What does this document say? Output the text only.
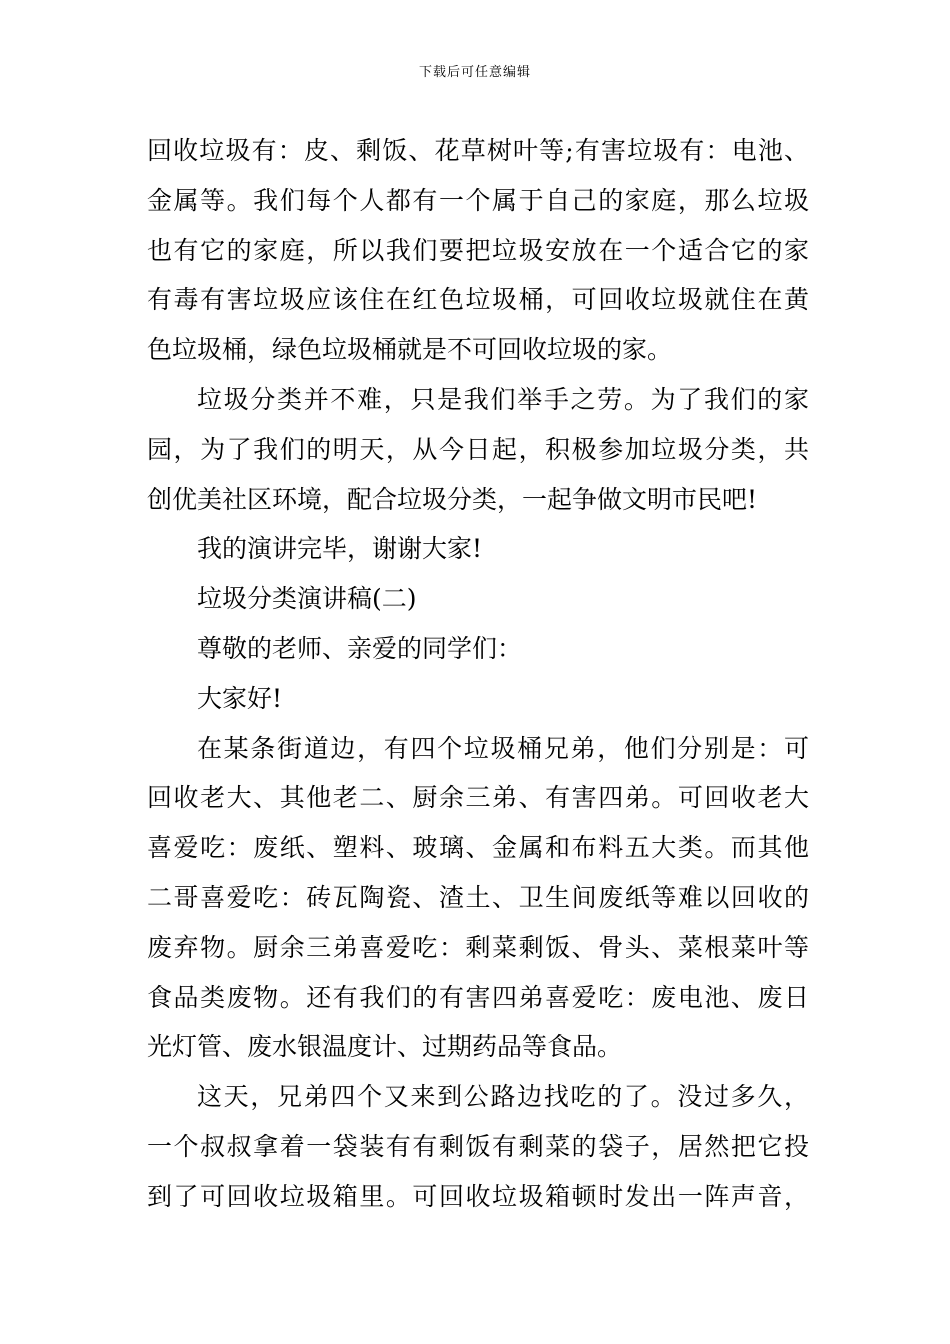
下载后可任意编辑
回收垃圾有：皮、剩饭、花草树叶等;有害垃圾有：电池、
金属等。我们每个人都有一个属于自己的家庭，那么垃圾
也有它的家庭，所以我们要把垃圾安放在一个适合它的家
有毒有害垃圾应该住在红色垃圾桶，可回收垃圾就住在黄
色垃圾桶，绿色垃圾桶就是不可回收垃圾的家。
垃圾分类并不难，只是我们举手之劳。为了我们的家
园，为了我们的明天，从今日起，积极参加垃圾分类，共
创优美社区环境，配合垃圾分类，一起争做文明市民吧!
我的演讲完毕，谢谢大家!
垃圾分类演讲稿(二)
尊敬的老师、亲爱的同学们：
大家好!
在某条街道边，有四个垃圾桶兄弟，他们分别是：可
回收老大、其他老二、厨余三弟、有害四弟。可回收老大
喜爱吃：废纸、塑料、玻璃、金属和布料五大类。而其他
二哥喜爱吃：砖瓦陶瓷、渣土、卫生间废纸等难以回收的
废弃物。厨余三弟喜爱吃：剩菜剩饭、骨头、菜根菜叶等
食品类废物。还有我们的有害四弟喜爱吃：废电池、废日
光灯管、废水银温度计、过期药品等食品。
这天，兄弟四个又来到公路边找吃的了。没过多久，
一个叔叔拿着一袋装有有剩饭有剩菜的袋子，居然把它投
到了可回收垃圾箱里。可回收垃圾箱顿时发出一阵声音，
